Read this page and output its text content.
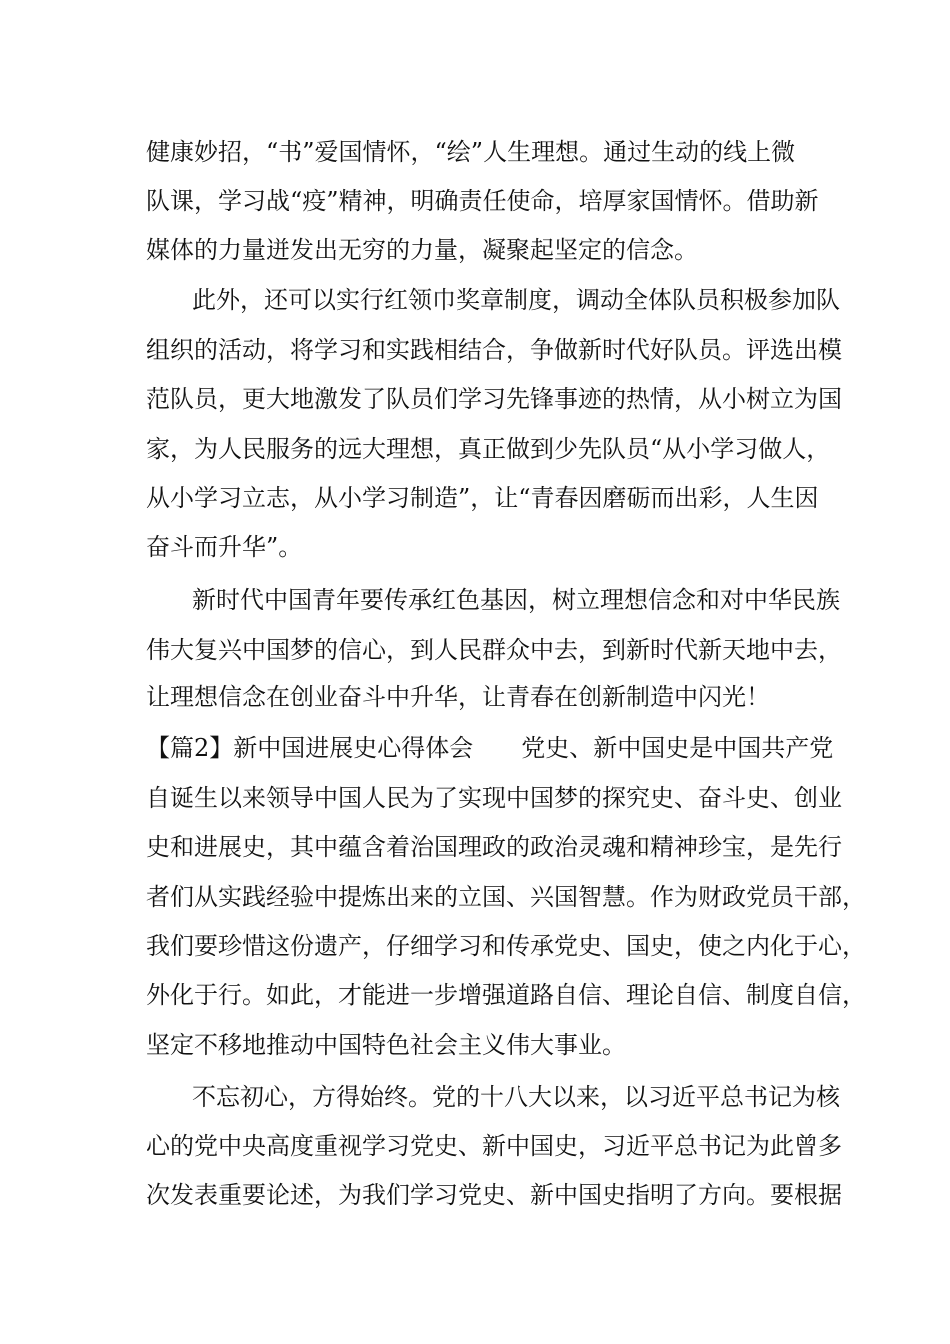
健康妙招，“书”爱国情怀，“绘”人生理想。通过生动的线上微
队课，学习战“疫”精神，明确责任使命，培厚家国情怀。借助新
媒体的力量迸发出无穷的力量，凝聚起坚定的信念。
此外，还可以实行红领巾奖章制度，调动全体队员积极参加队
组织的活动，将学习和实践相结合，争做新时代好队员。评选出模
范队员，更大地激发了队员们学习先锋事迹的热情，从小树立为国
家，为人民服务的远大理想，真正做到少先队员“从小学习做人，
从小学习立志，从小学习制造”，让“青春因磨砺而出彩，人生因
奋斗而升华”。
新时代中国青年要传承红色基因，树立理想信念和对中华民族
伟大复兴中国梦的信心，到人民群众中去，到新时代新天地中去，
让理想信念在创业奋斗中升华，让青春在创新制造中闪光！
【篇2】新中国进展史心得体会　　党史、新中国史是中国共产党
自诞生以来领导中国人民为了实现中国梦的探究史、奋斗史、创业
史和进展史，其中蕴含着治国理政的政治灵魂和精神珍宝，是先行
者们从实践经验中提炼出来的立国、兴国智慧。作为财政党员干部，
我们要珍惜这份遗产，仔细学习和传承党史、国史，使之内化于心，
外化于行。如此，才能进一步增强道路自信、理论自信、制度自信，
坚定不移地推动中国特色社会主义伟大事业。
不忘初心，方得始终。党的十八大以来，以习近平总书记为核
心的党中央高度重视学习党史、新中国史，习近平总书记为此曾多
次发表重要论述，为我们学习党史、新中国史指明了方向。要根据
